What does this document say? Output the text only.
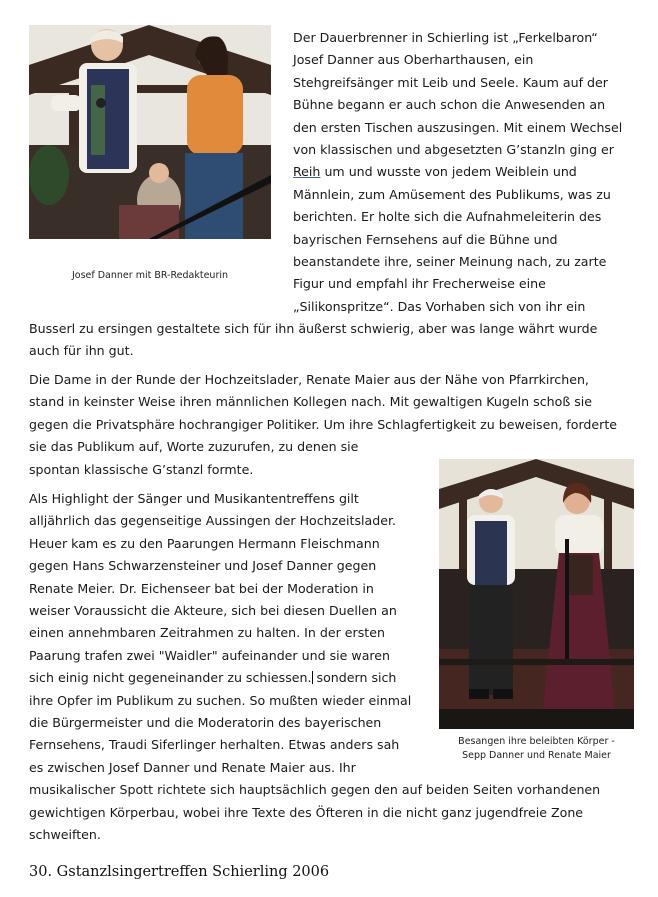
Josef Danner mit BR-Redakteurin

Der Dauerbrenner in Schierling ist „Ferkelbaron“
Josef Danner aus Oberharthausen, ein
Stehgreifsänger mit Leib und Seele. Kaum auf der
Bühne begann er auch schon die Anwesenden an
den ersten Tischen auszusingen. Mit einem Wechsel
von klassischen und abgesetzten G’stanzln ging er
Reih um und wusste von jedem Weiblein und
Männlein, zum Amüsement des Publikums, was zu
berichten. Er holte sich die Aufnahmeleiterin des
bayrischen Fernsehens auf die Bühne und
beanstandete ihre, seiner Meinung nach, zu zarte
Figur und empfahl ihr Frecherweise eine
„Silikonspritze“. Das Vorhaben sich von ihr ein
Busserl zu ersingen gestaltete sich für ihn äußerst schwierig, aber was lange währt wurde
auch für ihn gut.
Die Dame in der Runde der Hochzeitslader, Renate Maier aus der Nähe von Pfarrkirchen,
stand in keinster Weise ihren männlichen Kollegen nach. Mit gewaltigen Kugeln schoß sie
gegen die Privatsphäre hochrangiger Politiker. Um ihre Schlagfertigkeit zu beweisen, forderte
sie das Publikum auf, Worte zuzurufen, zu denen sie
spontan klassische G’stanzl formte.

Besangen ihre beleibten Körper -
Sepp Danner und Renate Maier

Als Highlight der Sänger und Musikantentreffens gilt
alljährlich das gegenseitige Aussingen der Hochzeitslader.
Heuer kam es zu den Paarungen Hermann Fleischmann
gegen Hans Schwarzensteiner und Josef Danner gegen
Renate Meier. Dr. Eichenseer bat bei der Moderation in
weiser Voraussicht die Akteure, sich bei diesen Duellen an
einen annehmbaren Zeitrahmen zu halten. In der ersten
Paarung trafen zwei "Waidler" aufeinander und sie waren
sich einig nicht gegeneinander zu schiessen. sondern sich
ihre Opfer im Publikum zu suchen. So mußten wieder einmal
die Bürgermeister und die Moderatorin des bayerischen
Fernsehens, Traudi Siferlinger herhalten. Etwas anders sah
es zwischen Josef Danner und Renate Maier aus. Ihr
musikalischer Spott richtete sich hauptsächlich gegen den auf beiden Seiten vorhandenen
gewichtigen Körperbau, wobei ihre Texte des Öfteren in die nicht ganz jugendfreie Zone
schweiften.
30. Gstanzlsingertreffen Schierling 2006
